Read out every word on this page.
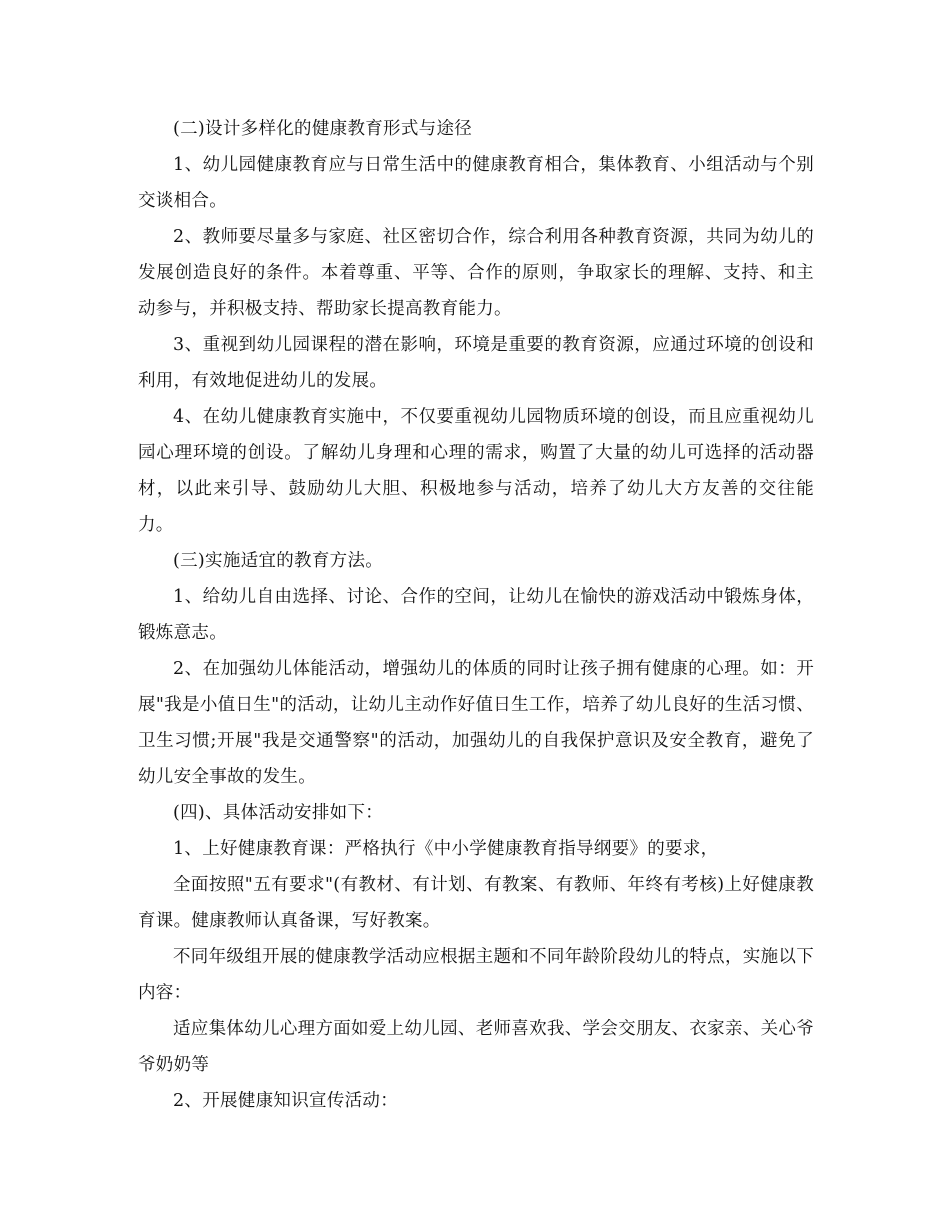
(二)设计多样化的健康教育形式与途径

1、幼儿园健康教育应与日常生活中的健康教育相合，集体教育、小组活动与个别交谈相合。

2、教师要尽量多与家庭、社区密切合作，综合利用各种教育资源，共同为幼儿的发展创造良好的条件。本着尊重、平等、合作的原则，争取家长的理解、支持、和主动参与，并积极支持、帮助家长提高教育能力。

3、重视到幼儿园课程的潜在影响，环境是重要的教育资源，应通过环境的创设和利用，有效地促进幼儿的发展。

4、在幼儿健康教育实施中，不仅要重视幼儿园物质环境的创设，而且应重视幼儿园心理环境的创设。了解幼儿身理和心理的需求，购置了大量的幼儿可选择的活动器材，以此来引导、鼓励幼儿大胆、积极地参与活动，培养了幼儿大方友善的交往能力。

(三)实施适宜的教育方法。

1、给幼儿自由选择、讨论、合作的空间，让幼儿在愉快的游戏活动中锻炼身体，锻炼意志。

2、在加强幼儿体能活动，增强幼儿的体质的同时让孩子拥有健康的心理。如：开展"我是小值日生"的活动，让幼儿主动作好值日生工作，培养了幼儿良好的生活习惯、卫生习惯;开展"我是交通警察"的活动，加强幼儿的自我保护意识及安全教育，避免了幼儿安全事故的发生。

(四)、具体活动安排如下：

1、上好健康教育课：严格执行《中小学健康教育指导纲要》的要求，

全面按照"五有要求"(有教材、有计划、有教案、有教师、年终有考核)上好健康教育课。健康教师认真备课，写好教案。

不同年级组开展的健康教学活动应根据主题和不同年龄阶段幼儿的特点，实施以下内容：

适应集体幼儿心理方面如爱上幼儿园、老师喜欢我、学会交朋友、衣家亲、关心爷爷奶奶等

2、开展健康知识宣传活动：
